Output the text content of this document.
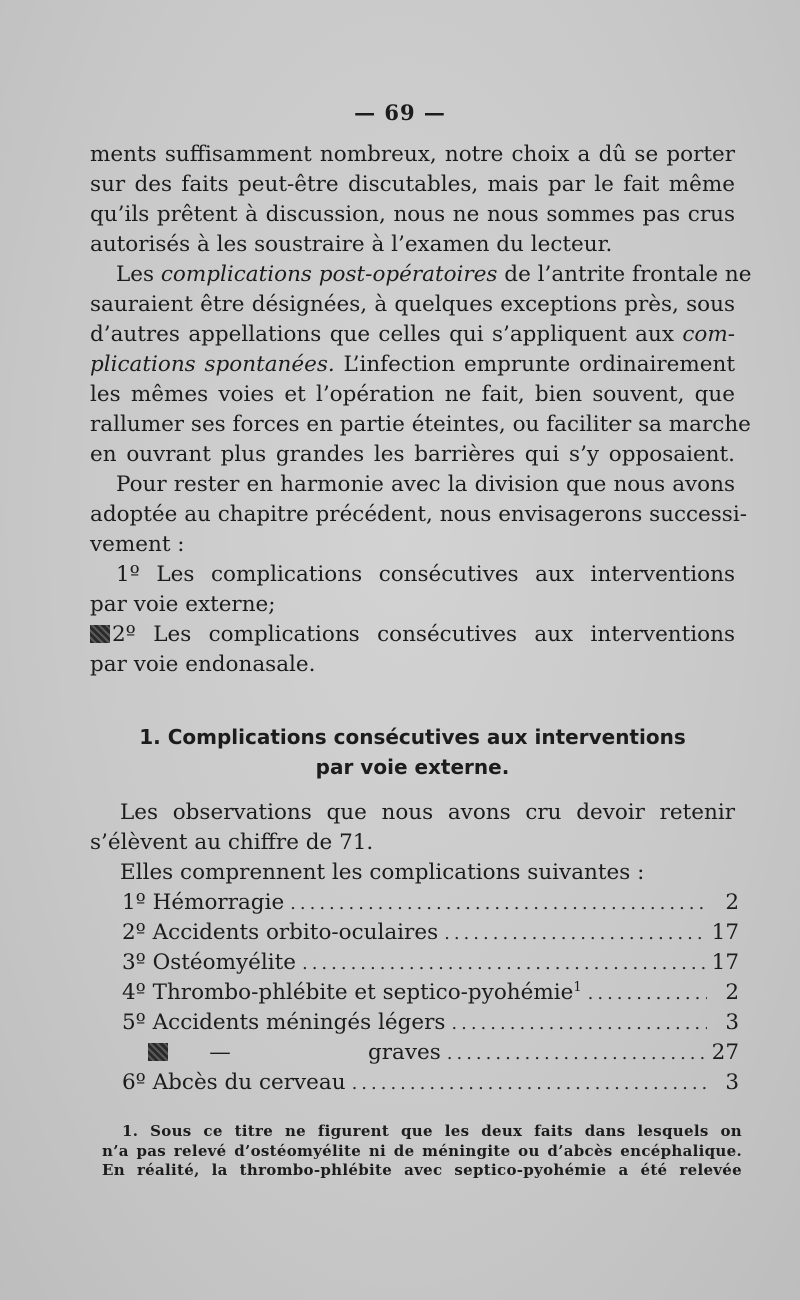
— 69 —
ments suffisamment nombreux, notre choix a dû se porter
sur des faits peut-être discutables, mais par le fait même
qu’ils prêtent à discussion, nous ne nous sommes pas crus
autorisés à les soustraire à l’examen du lecteur.
Les complications post-opératoires de l’antrite frontale ne
sauraient être désignées, à quelques exceptions près, sous
d’autres appellations que celles qui s’appliquent aux com-
plications spontanées. L’infection emprunte ordinairement
les mêmes voies et l’opération ne fait, bien souvent, que
rallumer ses forces en partie éteintes, ou faciliter sa marche
en ouvrant plus grandes les barrières qui s’y opposaient.
Pour rester en harmonie avec la division que nous avons
adoptée au chapitre précédent, nous envisagerons successi-
vement :
1º Les complications consécutives aux interventions
par voie externe;
2º Les complications consécutives aux interventions
par voie endonasale.
1. Complications consécutives aux interventions
par voie externe.
Les observations que nous avons cru devoir retenir
s’élèvent au chiffre de 71.
Elles comprennent les complications suivantes :
1º Hémorragie .....	2
2º Accidents orbito-oculaires .....	17
3º Ostéomyélite .....	17
4º Thrombo-phlébite et septico-pyohémie$^1$ .....	2
5º Accidents méningés légers .....	3
—	graves .....	27
6º Abcès du cerveau .....	3
1. Sous ce titre ne figurent que les deux faits dans lesquels on
n’a pas relevé d’ostéomyélite ni de méningite ou d’abcès encéphalique.
En réalité, la thrombo-phlébite avec septico-pyohémie a été relevée
